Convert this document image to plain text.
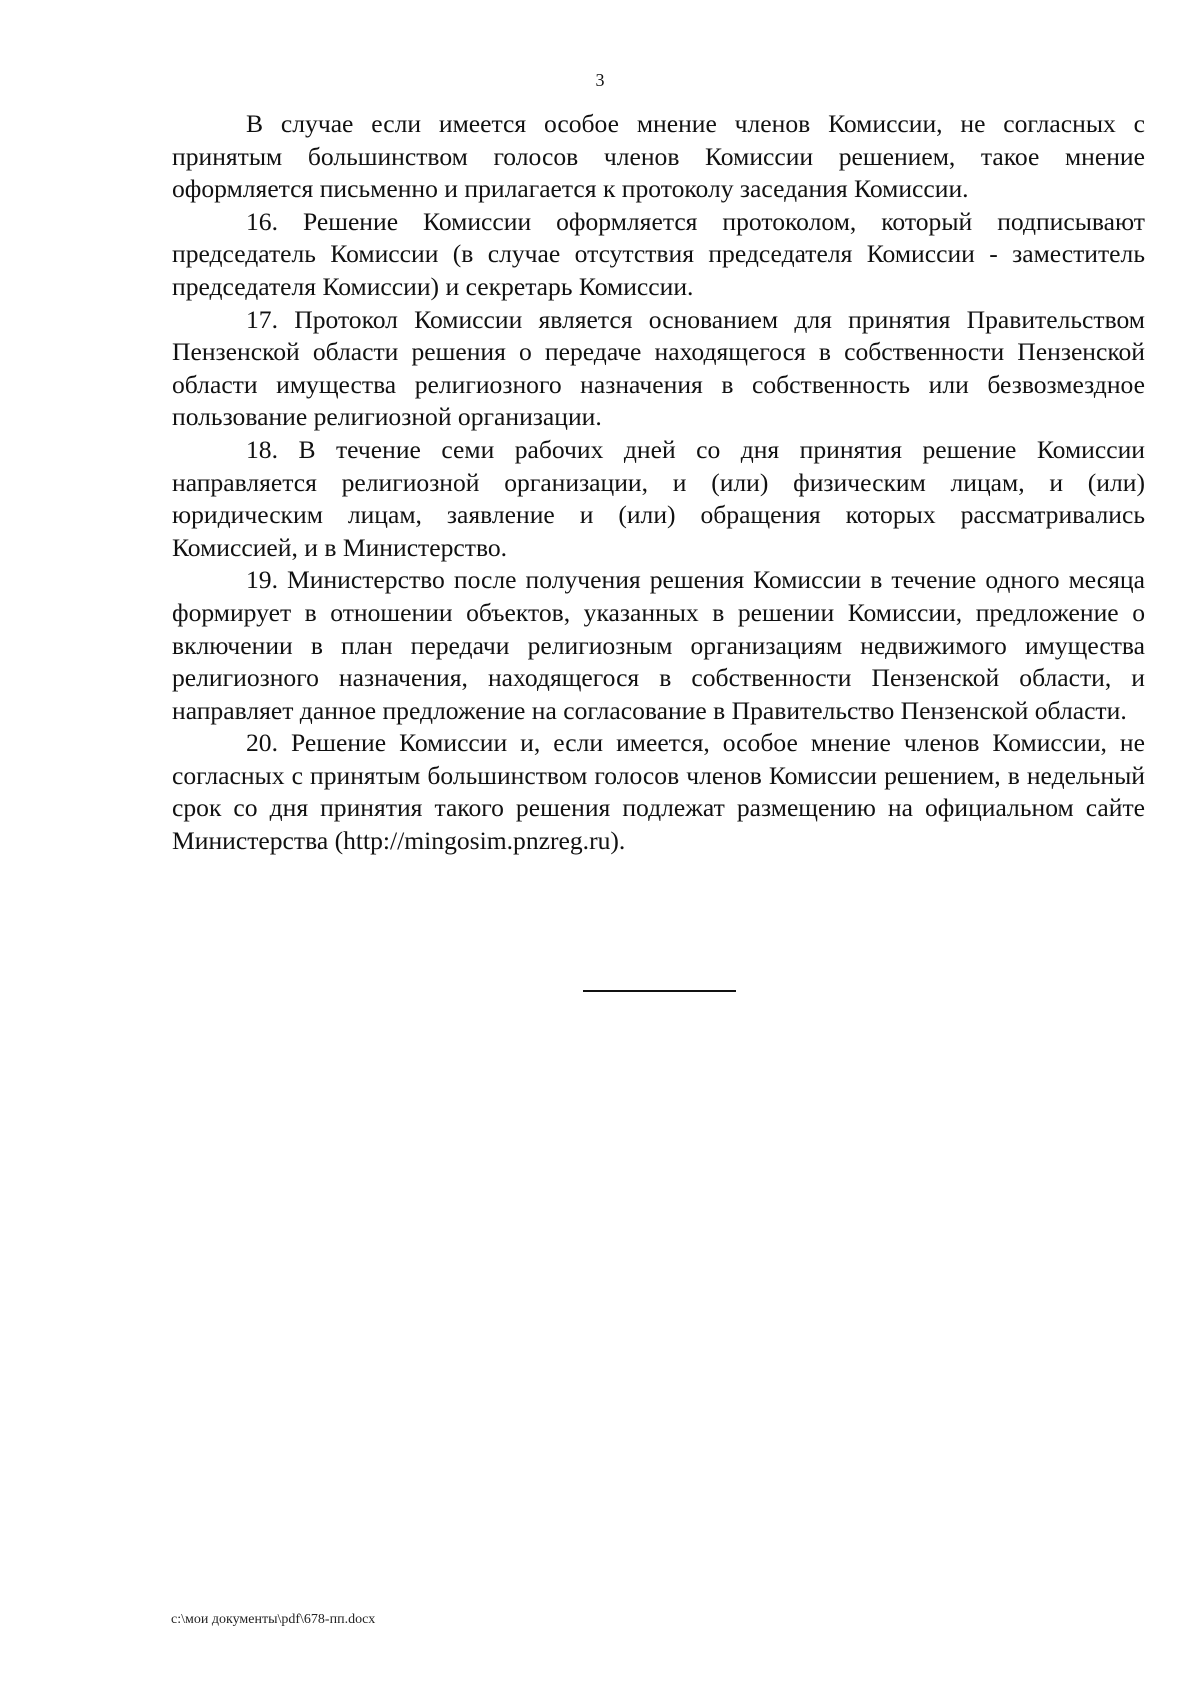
3

В случае если имеется особое мнение членов Комиссии, не согласных с принятым большинством голосов членов Комиссии решением, такое мнение оформляется письменно и прилагается к протоколу заседания Комиссии.

16. Решение Комиссии оформляется протоколом, который подписывают председатель Комиссии (в случае отсутствия председателя Комиссии - заместитель председателя Комиссии) и секретарь Комиссии.

17. Протокол Комиссии является основанием для принятия Правительством Пензенской области решения о передаче находящегося в собственности Пензенской области имущества религиозного назначения в собственность или безвозмездное пользование религиозной организации.

18. В течение семи рабочих дней со дня принятия решение Комиссии направляется религиозной организации, и (или) физическим лицам, и (или) юридическим лицам, заявление и (или) обращения которых рассматривались Комиссией, и в Министерство.

19. Министерство после получения решения Комиссии в течение одного месяца формирует в отношении объектов, указанных в решении Комиссии, предложение о включении в план передачи религиозным организациям недвижимого имущества религиозного назначения, находящегося в собственности Пензенской области, и направляет данное предложение на согласование в Правительство Пензенской области.

20. Решение Комиссии и, если имеется, особое мнение членов Комиссии, не согласных с принятым большинством голосов членов Комиссии решением, в недельный срок со дня принятия такого решения подлежат размещению на официальном сайте Министерства (http://mingosim.pnzreg.ru).

c:\мои документы\pdf\678-пп.docx
